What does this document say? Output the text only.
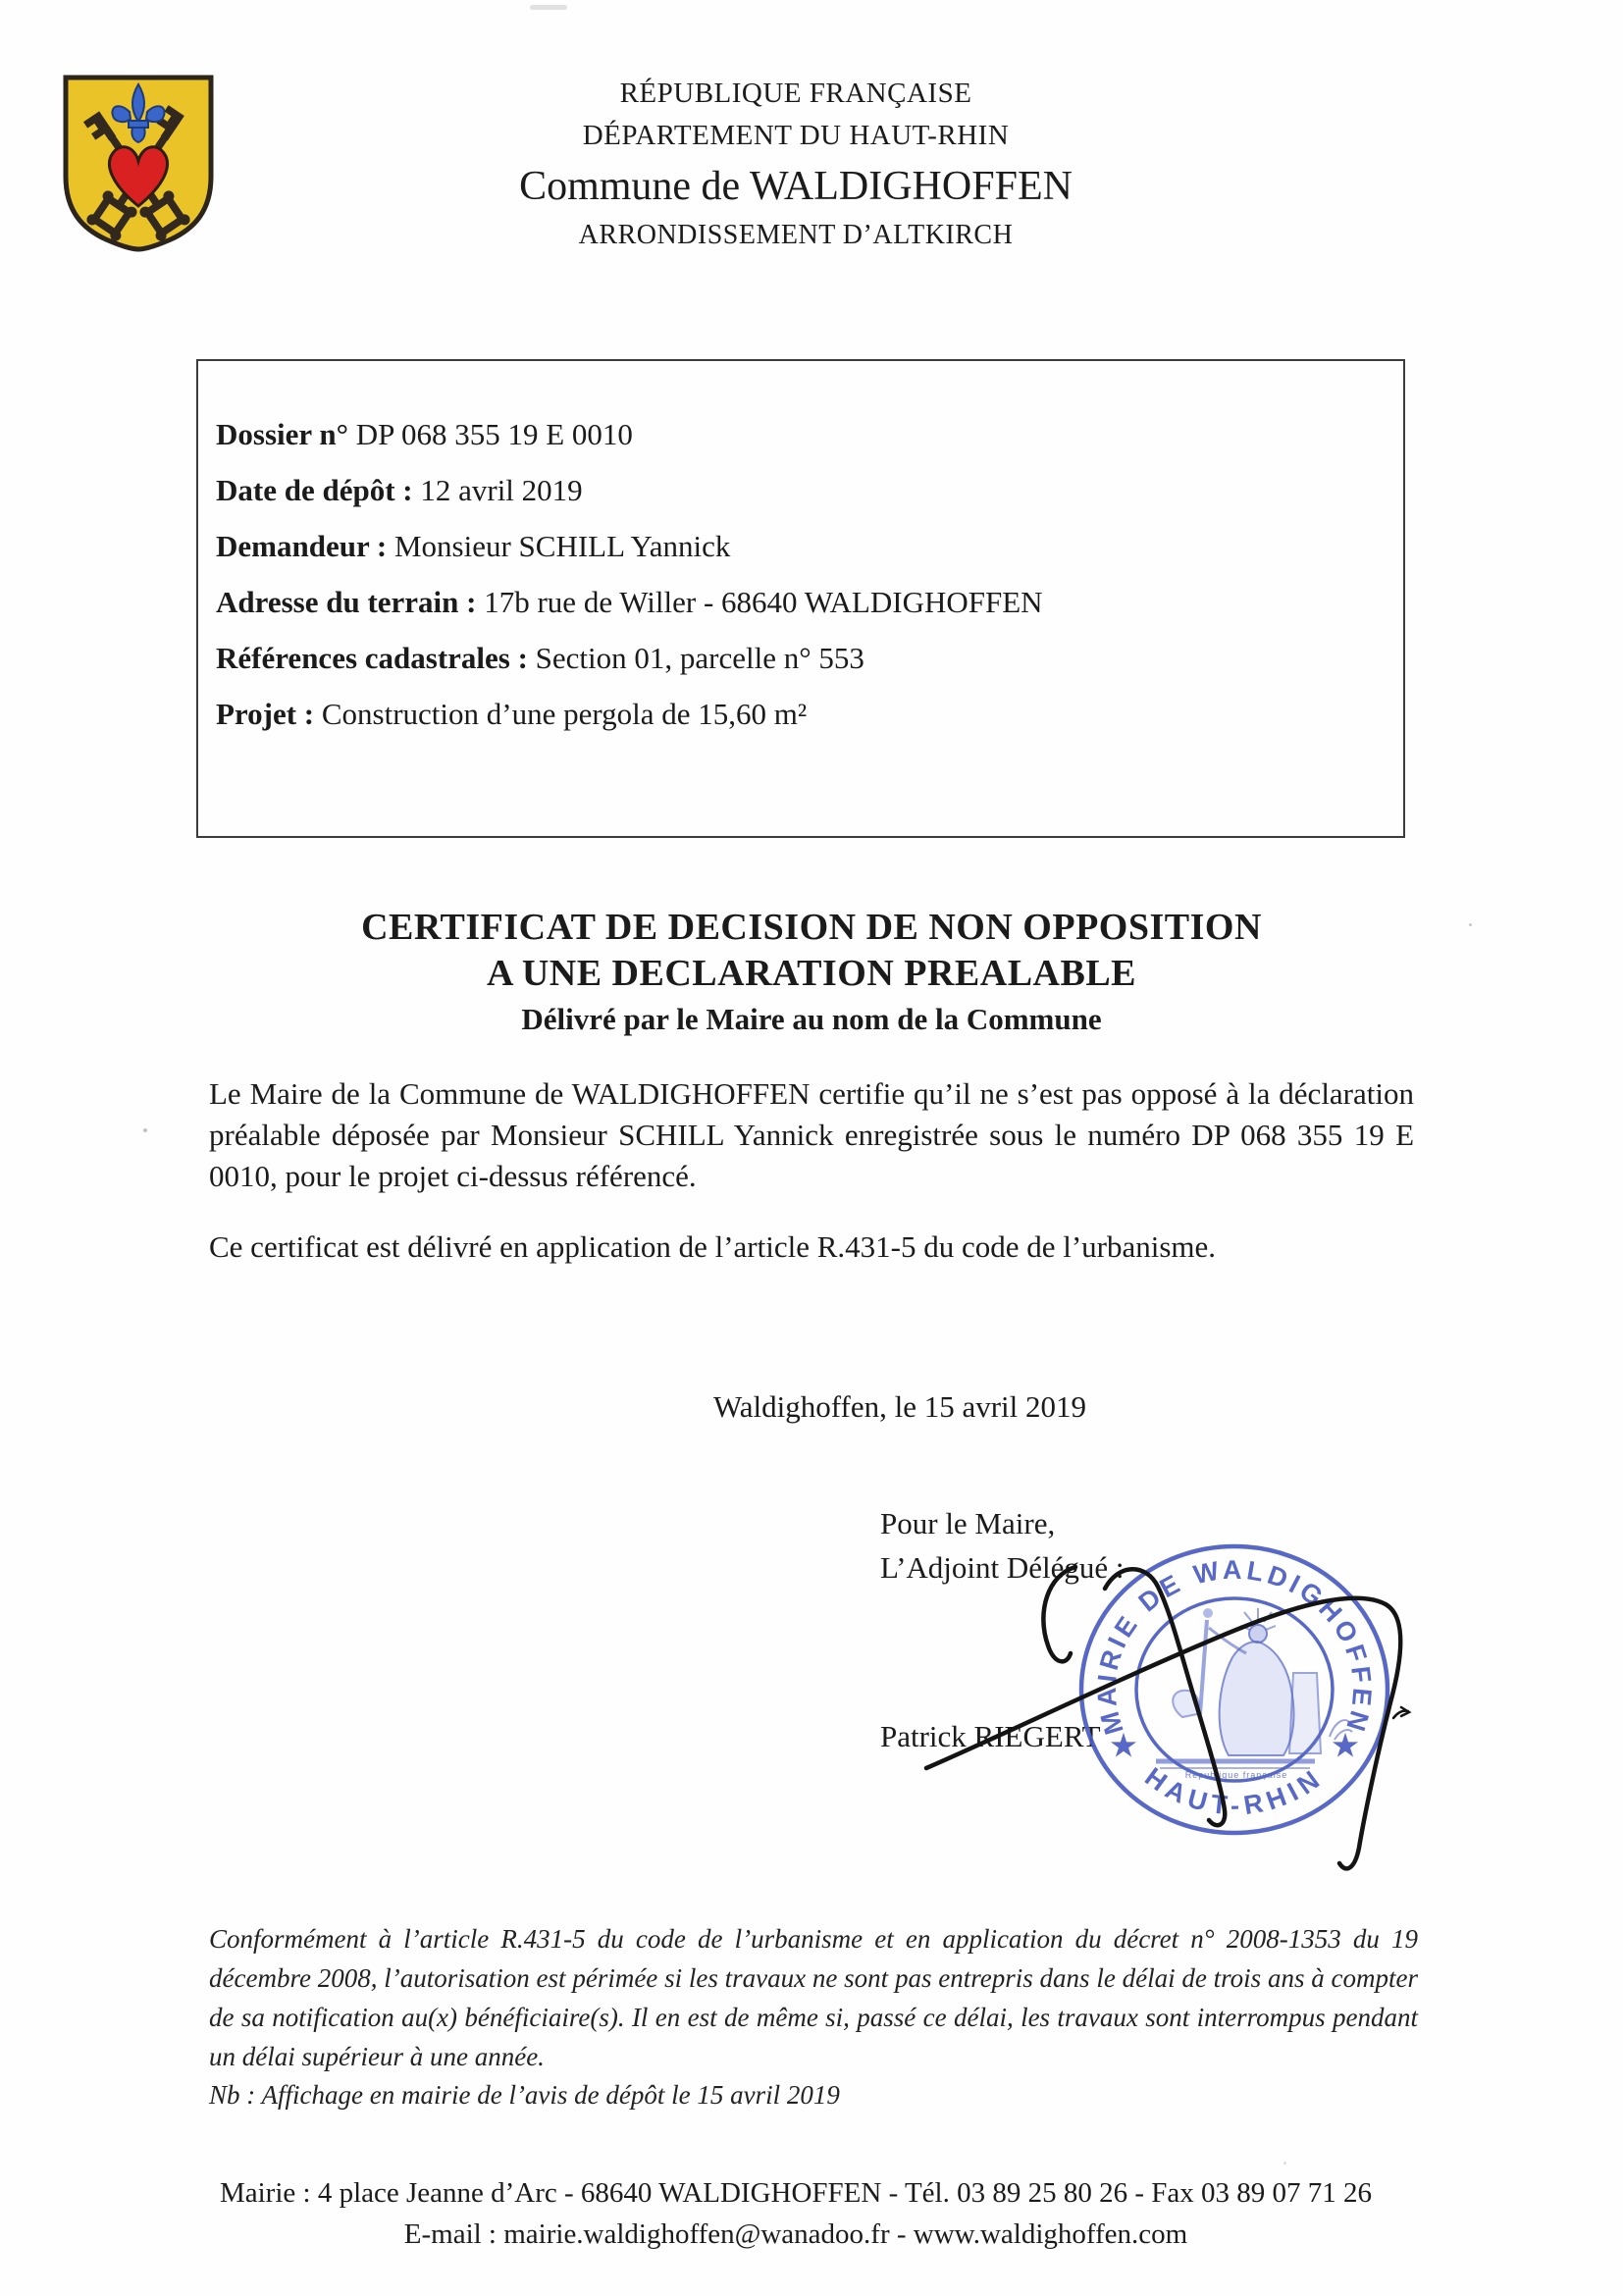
RÉPUBLIQUE FRANÇAISE
DÉPARTEMENT DU HAUT-RHIN
Commune de WALDIGHOFFEN
ARRONDISSEMENT D’ALTKIRCH
Dossier n° DP 068 355 19 E 0010
Date de dépôt : 12 avril 2019
Demandeur : Monsieur SCHILL Yannick
Adresse du terrain : 17b rue de Willer - 68640 WALDIGHOFFEN
Références cadastrales : Section 01, parcelle n° 553
Projet : Construction d’une pergola de 15,60 m²
CERTIFICAT DE DECISION DE NON OPPOSITION
A UNE DECLARATION PREALABLE
Délivré par le Maire au nom de la Commune
Le Maire de la Commune de WALDIGHOFFEN certifie qu’il ne s’est pas opposé à la déclaration préalable déposée par Monsieur SCHILL Yannick enregistrée sous le numéro DP 068 355 19 E 0010, pour le projet ci-dessus référencé.
Ce certificat est délivré en application de l’article R.431-5 du code de l’urbanisme.
Waldighoffen, le 15 avril 2019
Pour le Maire,
L’Adjoint Délégué :
Patrick RIEGERT
MAIRIE DE WALDIGHOFFEN
HAUT-RHIN
★	★
République française
Conformément à l’article R.431-5 du code de l’urbanisme et en application du décret n° 2008-1353 du 19 décembre 2008, l’autorisation est périmée si les travaux ne sont pas entrepris dans le délai de trois ans à compter de sa notification au(x) bénéficiaire(s). Il en est de même si, passé ce délai, les travaux sont interrompus pendant un délai supérieur à une année.
Nb : Affichage en mairie de l’avis de dépôt le 15 avril 2019
Mairie : 4 place Jeanne d’Arc - 68640 WALDIGHOFFEN - Tél. 03 89 25 80 26 - Fax 03 89 07 71 26
E-mail : mairie.waldighoffen@wanadoo.fr - www.waldighoffen.com
